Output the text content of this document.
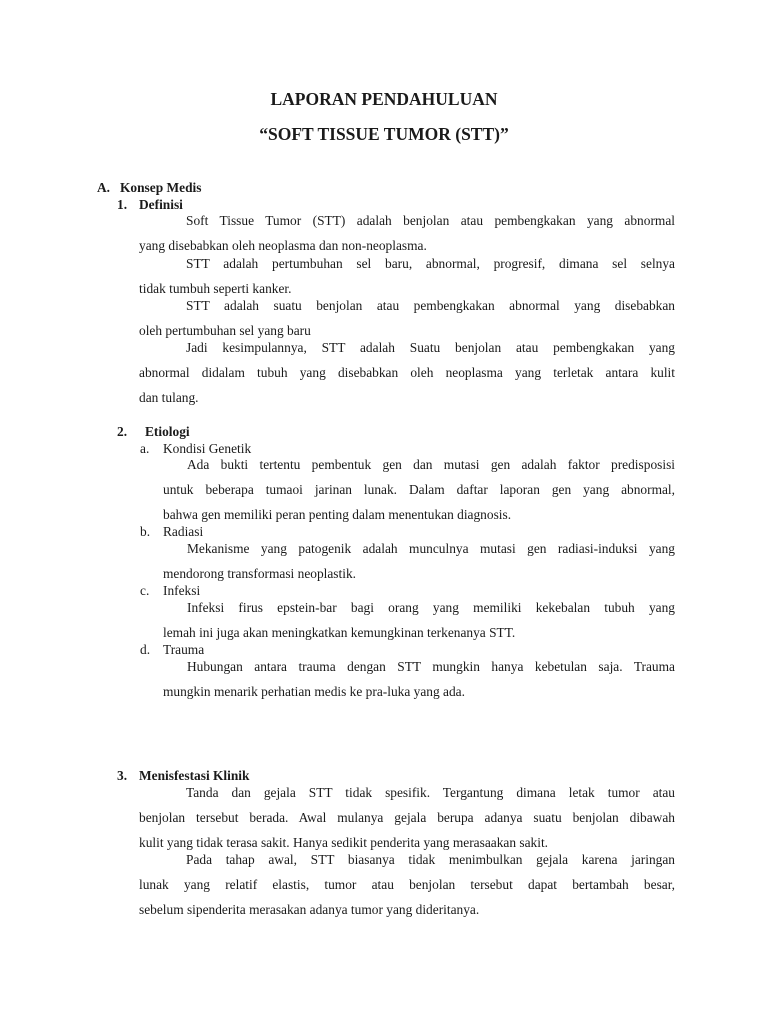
LAPORAN PENDAHULUAN
“SOFT TISSUE TUMOR (STT)”
A. Konsep Medis
1. Definisi
Soft Tissue Tumor (STT) adalah benjolan atau pembengkakan yang abnormal
yang disebabkan oleh neoplasma dan non-neoplasma.
STT adalah pertumbuhan sel baru, abnormal, progresif, dimana sel selnya
tidak tumbuh seperti kanker.
STT adalah suatu benjolan atau pembengkakan abnormal yang disebabkan
oleh pertumbuhan sel yang baru
Jadi kesimpulannya, STT adalah Suatu benjolan atau pembengkakan yang
abnormal didalam tubuh yang disebabkan oleh neoplasma yang terletak antara kulit
dan tulang.
2. Etiologi
a. Kondisi Genetik
Ada bukti tertentu pembentuk gen dan mutasi gen adalah faktor predisposisi
untuk beberapa tumaoi jarinan lunak. Dalam daftar laporan gen yang abnormal,
bahwa gen memiliki peran penting dalam menentukan diagnosis.
b. Radiasi
Mekanisme yang patogenik adalah munculnya mutasi gen radiasi-induksi yang
mendorong transformasi neoplastik.
c. Infeksi
Infeksi firus epstein-bar bagi orang yang memiliki kekebalan tubuh yang
lemah ini juga akan meningkatkan kemungkinan terkenanya STT.
d. Trauma
Hubungan antara trauma dengan STT mungkin hanya kebetulan saja. Trauma
mungkin menarik perhatian medis ke pra-luka yang ada.
3. Menisfestasi Klinik
Tanda dan gejala STT tidak spesifik. Tergantung dimana letak tumor atau
benjolan tersebut berada. Awal mulanya gejala berupa adanya suatu benjolan dibawah
kulit yang tidak terasa sakit. Hanya sedikit penderita yang merasaakan sakit.
Pada tahap awal, STT biasanya tidak menimbulkan gejala karena jaringan
lunak yang relatif elastis, tumor atau benjolan tersebut dapat bertambah besar,
sebelum sipenderita merasakan adanya tumor yang dideritanya.
